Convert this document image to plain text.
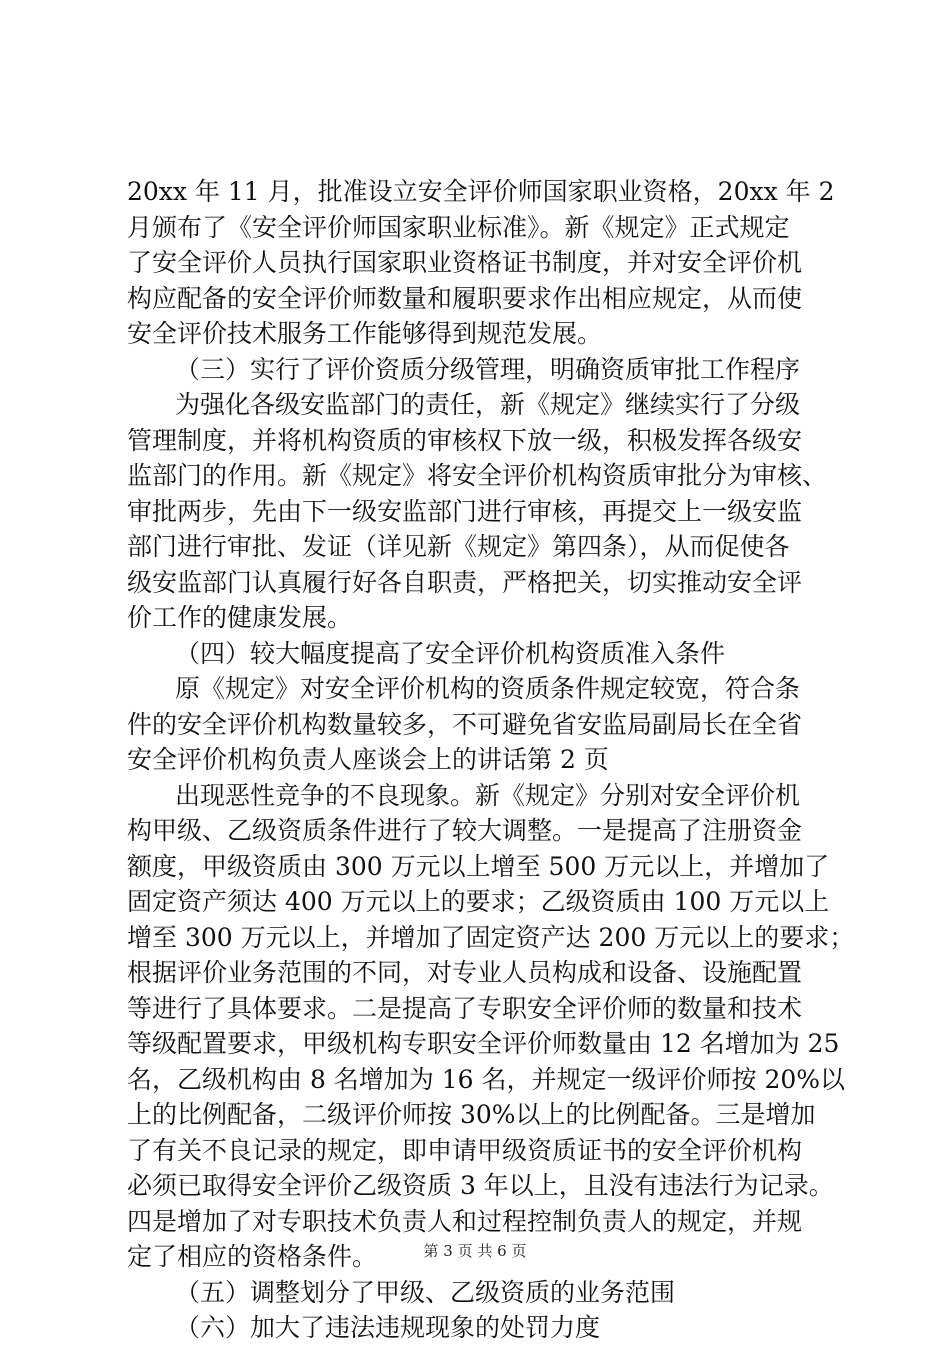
20xx 年 11 月，批准设立安全评价师国家职业资格，20xx 年 2
月颁布了《安全评价师国家职业标准》。新《规定》正式规定
了安全评价人员执行国家职业资格证书制度，并对安全评价机
构应配备的安全评价师数量和履职要求作出相应规定，从而使
安全评价技术服务工作能够得到规范发展。
（三）实行了评价资质分级管理，明确资质审批工作程序
为强化各级安监部门的责任，新《规定》继续实行了分级
管理制度，并将机构资质的审核权下放一级，积极发挥各级安
监部门的作用。新《规定》将安全评价机构资质审批分为审核、
审批两步，先由下一级安监部门进行审核，再提交上一级安监
部门进行审批、发证（详见新《规定》第四条），从而促使各
级安监部门认真履行好各自职责，严格把关，切实推动安全评
价工作的健康发展。
（四）较大幅度提高了安全评价机构资质准入条件
原《规定》对安全评价机构的资质条件规定较宽，符合条
件的安全评价机构数量较多，不可避免省安监局副局长在全省
安全评价机构负责人座谈会上的讲话第 2 页
出现恶性竞争的不良现象。新《规定》分别对安全评价机
构甲级、乙级资质条件进行了较大调整。一是提高了注册资金
额度，甲级资质由 300 万元以上增至 500 万元以上，并增加了
固定资产须达 400 万元以上的要求；乙级资质由 100 万元以上
增至 300 万元以上，并增加了固定资产达 200 万元以上的要求；
根据评价业务范围的不同，对专业人员构成和设备、设施配置
等进行了具体要求。二是提高了专职安全评价师的数量和技术
等级配置要求，甲级机构专职安全评价师数量由 12 名增加为 25
名，乙级机构由 8 名增加为 16 名，并规定一级评价师按 20%以
上的比例配备，二级评价师按 30%以上的比例配备。三是增加
了有关不良记录的规定，即申请甲级资质证书的安全评价机构
必须已取得安全评价乙级资质 3 年以上，且没有违法行为记录。
四是增加了对专职技术负责人和过程控制负责人的规定，并规
定了相应的资格条件。
（五）调整划分了甲级、乙级资质的业务范围
（六）加大了违法违规现象的处罚力度
第 3 页 共 6 页
